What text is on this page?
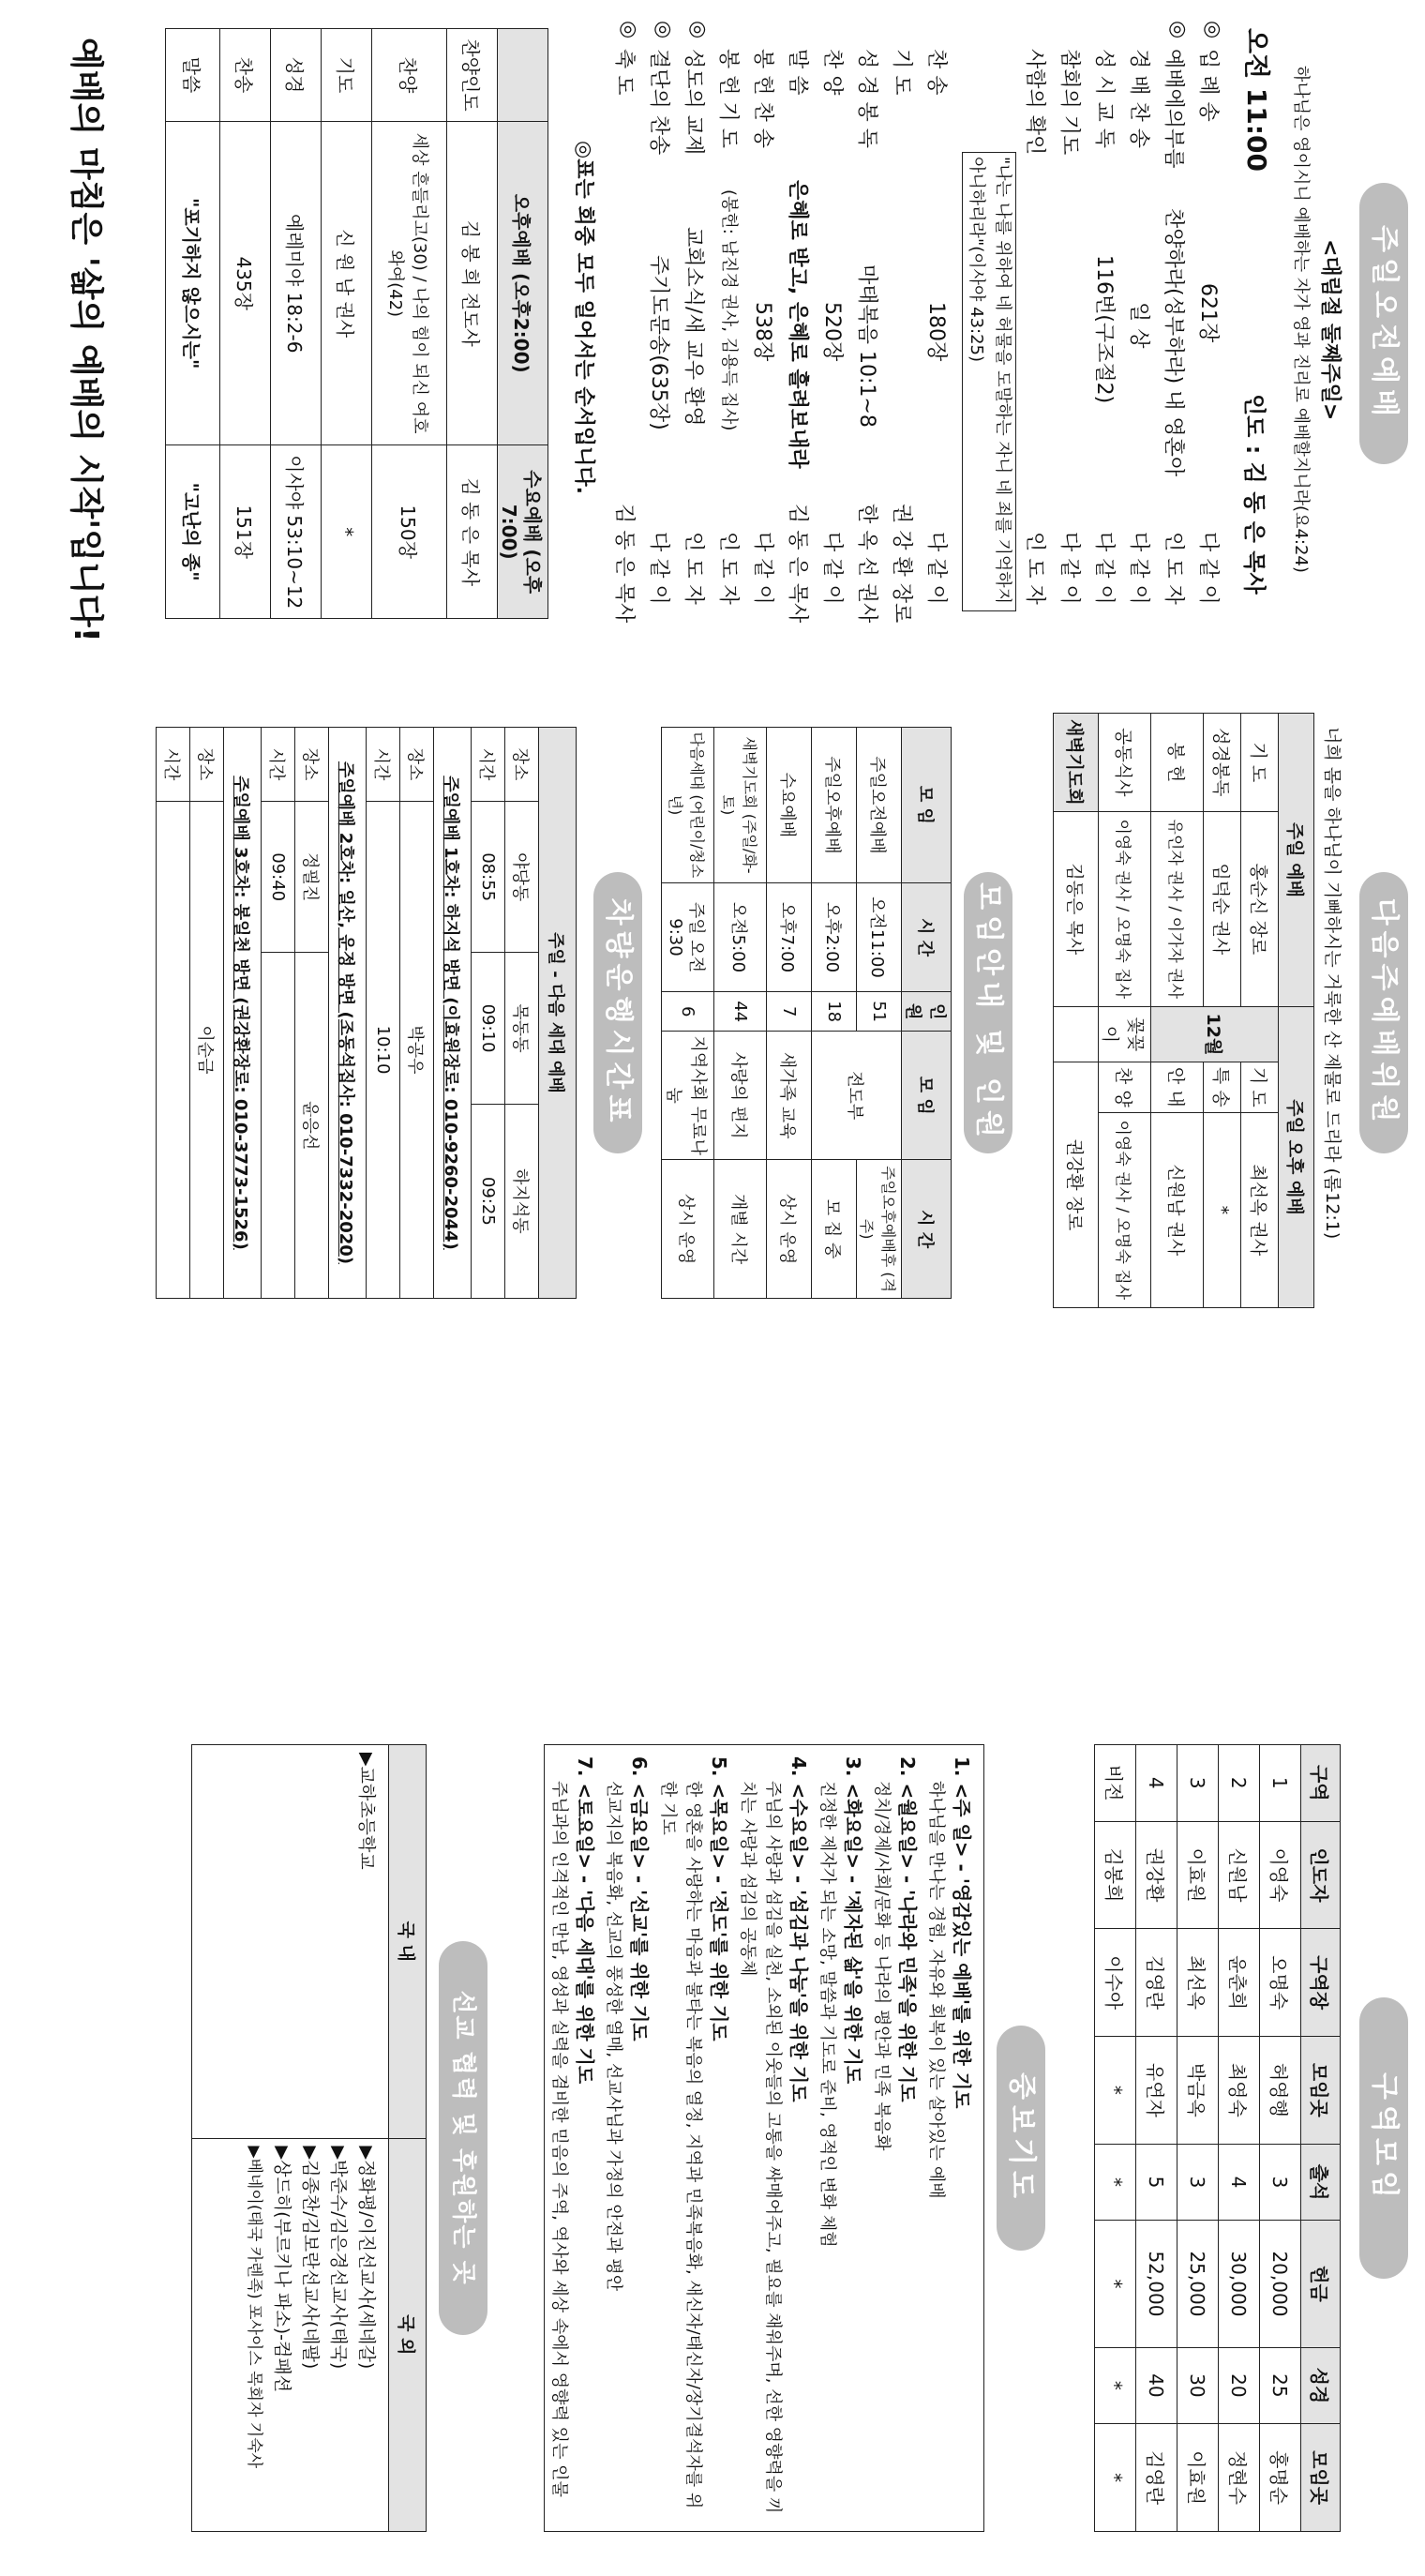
주일오전예배
<대림절 둘째주일>
하나님은 영이시니 예배하는 자가 영과 진리로 예배할지니라(요4:24)
오전 11:00
인도 : 김 동 은 목사
◎
입 례 송
621장
다 같 이
◎
예배에의부름
찬양하라(성부하라) 내 영혼아
인 도 자
경 배 찬 송
일 상
다 같 이
성 시 교 독
116번(구조절2)
다 같 이
참회의 기도
다 같 이
사함의 확인
인 도 자
"나는 나를 위하여 네 허물을 도말하는 자니 네 죄를 기억하지 아니하리라"(이사야 43:25)
찬 송
180장
다 같 이
기 도
권 강 환 장로
성 경 봉 독
마태복음 10:1~8
한 옥 선 권사
찬 양
520장
다 같 이
말 씀
은혜로 받고, 은혜로 흘려보내라
김 동 은 목사
봉 헌 찬 송
538장
다 같 이
봉 헌 기 도
(봉헌: 남진경 권사, 김용득 집사)
인 도 자
◎
성도의 교제
교회소식/새 교우 환영
인 도 자
◎
결단의 찬송
주기도문송(635장)
다 같 이
◎
축 도
김 동 은 목사
◎표는 회중 모두 일어서는 순서입니다.
	오후예배 (오후2:00)	수요예배 (오후7:00)
찬양인도	김 봉 희 전도사	김 동 은 목사
찬양	세상 흔들리고(30) / 나의 힘이 되신 여호와여(42)	150장
기도	신 원 남 권사	*
성경	예레미야 18:2-6	이사야 53:10~12
찬송	435장	151장
말씀	"포기하지 않으시는"	"고난의 종"
예배의 마침은 '삶의 예배의 시작'입니다!
다음주예배위원
너희 몸을 하나님이 기뻐하시는 거룩한 산 제물로 드리라 (롬12:1)
주일 예배		주일 오후 예배		
기 도	홍순신 장로	12월	기 도	최선옥 권사
성경봉독	임덕순 권사		특 송	*
봉 헌	유인자 권사 / 이가자 권사		안 내	신원남 권사
공동식사	이영숙 권사 / 오명숙 집사	꽃꽂이	찬 양	이영숙 권사 / 오명숙 집사
새벽기도회	김동은 목사		권강환 장로	
모임안내 및 인원
모 임	시 간	인원	모 임	시 간
주일오전예배	오전11:00	51	전도부	주일오후예배후 (격주)
주일오후예배	오후2:00	18		모 집 중
수요예배	오후7:00	7	새가족 교육	상시 운영
새벽기도회 (주일/화-토)	오전5:00	44	사랑의 편지	개별 시간
다음세대 (어린이/청소년)	주일 오전9:30	6	지역사회 무료나눔	상시 운영
차량운행시간표
주일 - 다음 세대 예배			
장소	야당동	목동동	하지석동
시간	08:55	09:10	09:25
주일예배 1호차: 하지석 방면 (이효원장로: 010-9260-2044)			
장소	박공우		
시간	10:10		
주일예배 2호차: 일산, 운정 방면 (조동석집사: 010-7332-2020)			
장소	정필진	윤응선	
시간	09:40		
주일예배 3호차: 봉일천 방면 (권강환장로: 010-3773-1526)			
장소	이순금		
시간			
구역모임
구역	인도자	구역장	모임곳	출석	헌금	성경	모임곳
1	이영숙	오명숙	허영행	3	20,000	25	홍명순
2	신원남	윤춘희	최영숙	4	30,000	20	정현수
3	이효원	최선옥	박금옥	3	25,000	30	이효원
4	권강환	김영란	유연자	5	52,000	40	김영란
비전	김봉희	이수아	*	*	*	*	*
중보기도
1. <주 일> - '영감있는 예배'를 위한 기도
하나님을 만나는 경험, 자유와 회복이 있는 살아있는 예배
2. <월요일> - '나라와 민족'을 위한 기도
정치/경제/사회/문화 등 나라의 평안과 민족 복음화
3. <화요일> - '제자된 삶'을 위한 기도
진정한 제자가 되는 소망, 말씀과 기도로 준비, 영적인 변화 체험
4. <수요일> - '섬김과 나눔'을 위한 기도
주님의 사랑과 섬김을 실천, 소외된 이웃들의 고통을 싸매어주고, 필요를 채워주며, 선한 영향력을 끼치는 사랑과 섬김의 공동체
5. <목요일> - '전도'를 위한 기도
한 영혼을 사랑하는 마음과 불타는 복음의 열정, 지역과 민족복음화, 새신자/태신자/장기결석자를 위한 기도
6. <금요일> - '선교'를 위한 기도
선교지의 복음화, 선교의 풍성한 열매, 선교사님과 가정의 안전과 평안
7. <토요일> - '다음 세대'를 위한 기도
주님과의 인격적인 만남, 영성과 실력을 겸비한 믿음의 주역, 역사와 세상 속에서 영향력 있는 인물
선교 협력 및 후원하는 곳
국 내	국 외

▶교하초등학교	▶정화평/이진선교사(세네갈)
▶박준수/김은경선교사(태국)
▶김종찬/김보란선교사(네팔)
▶상드히(부르키나 파소)-컴패션
▶베네이(태국 카렌족) 포사이스 목회자 기숙사
